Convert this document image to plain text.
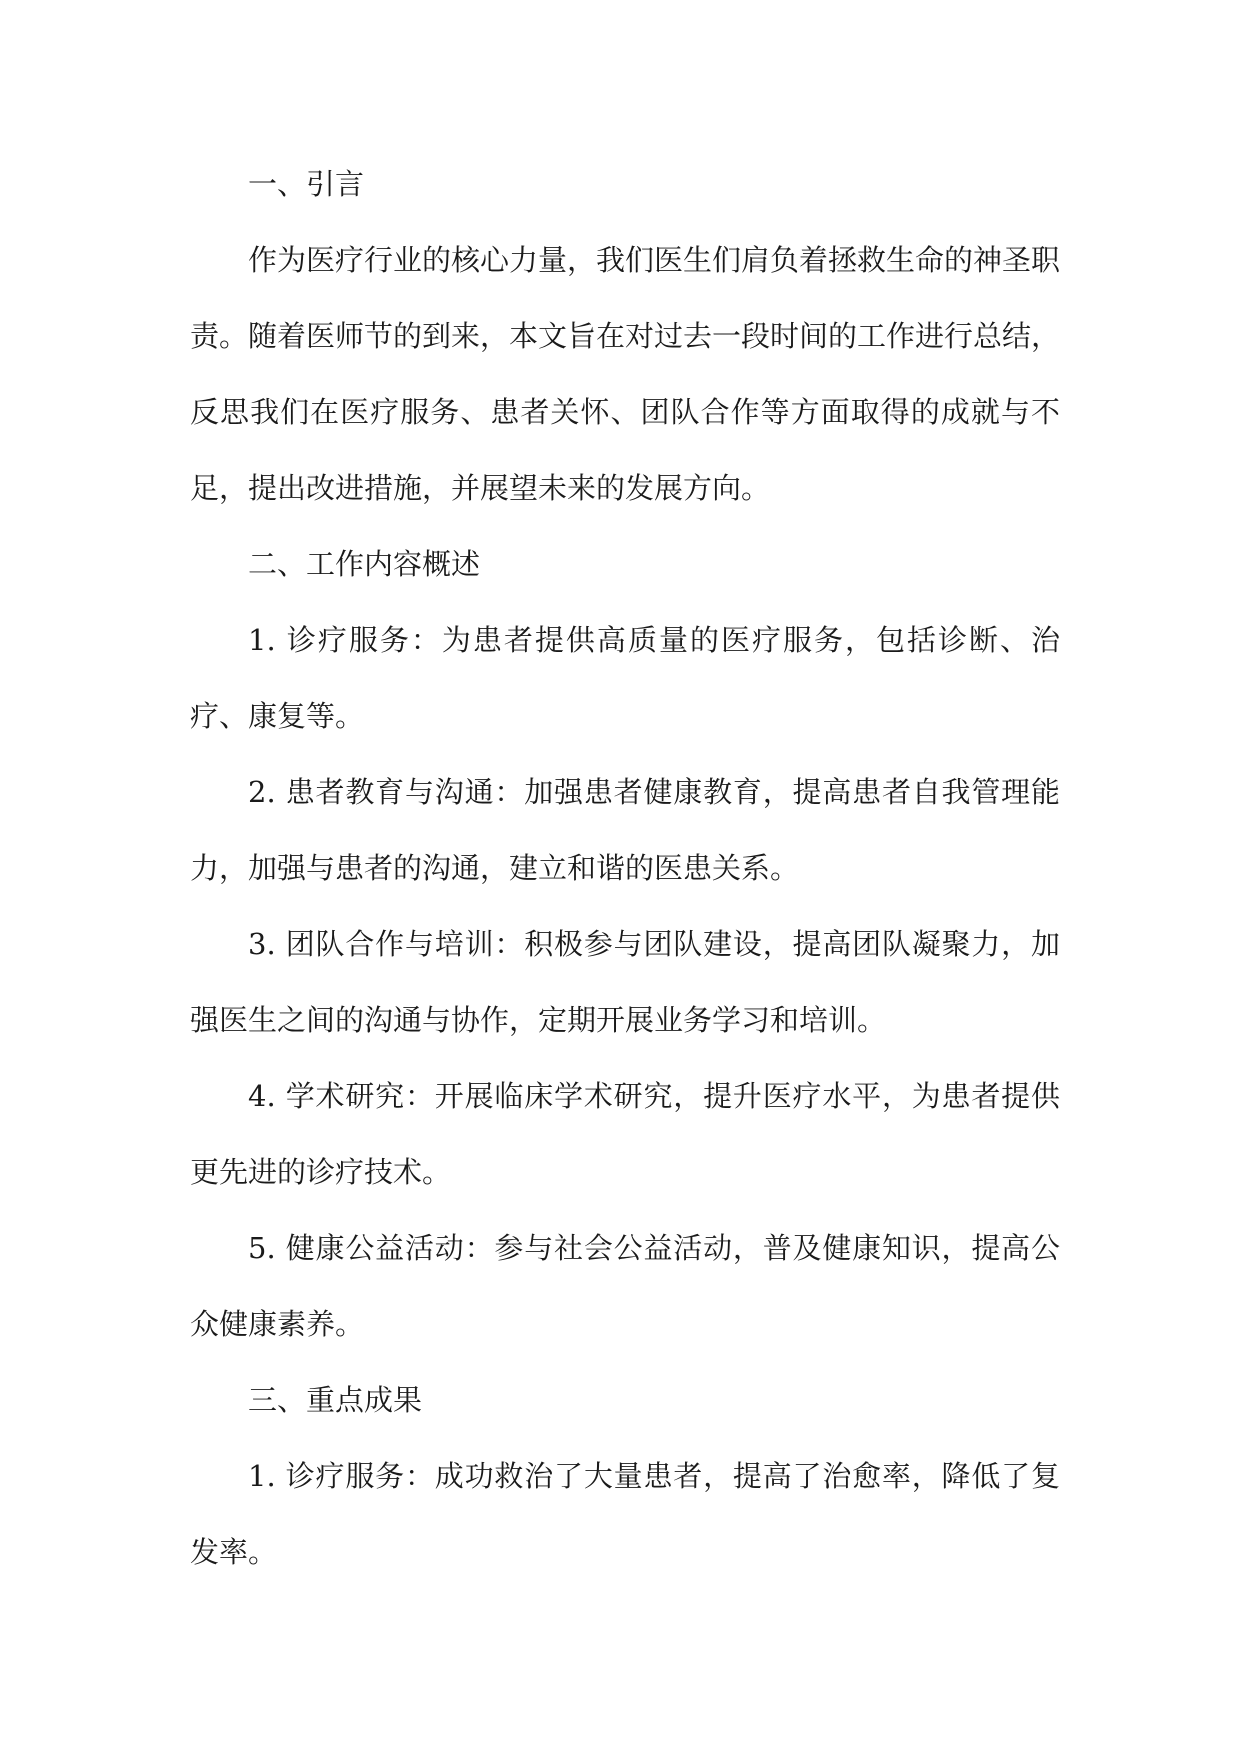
一、引言

作为医疗行业的核心力量，我们医生们肩负着拯救生命的神圣职责。随着医师节的到来，本文旨在对过去一段时间的工作进行总结，反思我们在医疗服务、患者关怀、团队合作等方面取得的成就与不足，提出改进措施，并展望未来的发展方向。

二、工作内容概述

1. 诊疗服务：为患者提供高质量的医疗服务，包括诊断、治疗、康复等。

2. 患者教育与沟通：加强患者健康教育，提高患者自我管理能力，加强与患者的沟通，建立和谐的医患关系。

3. 团队合作与培训：积极参与团队建设，提高团队凝聚力，加强医生之间的沟通与协作，定期开展业务学习和培训。

4. 学术研究：开展临床学术研究，提升医疗水平，为患者提供更先进的诊疗技术。

5. 健康公益活动：参与社会公益活动，普及健康知识，提高公众健康素养。

三、重点成果

1. 诊疗服务：成功救治了大量患者，提高了治愈率，降低了复发率。
